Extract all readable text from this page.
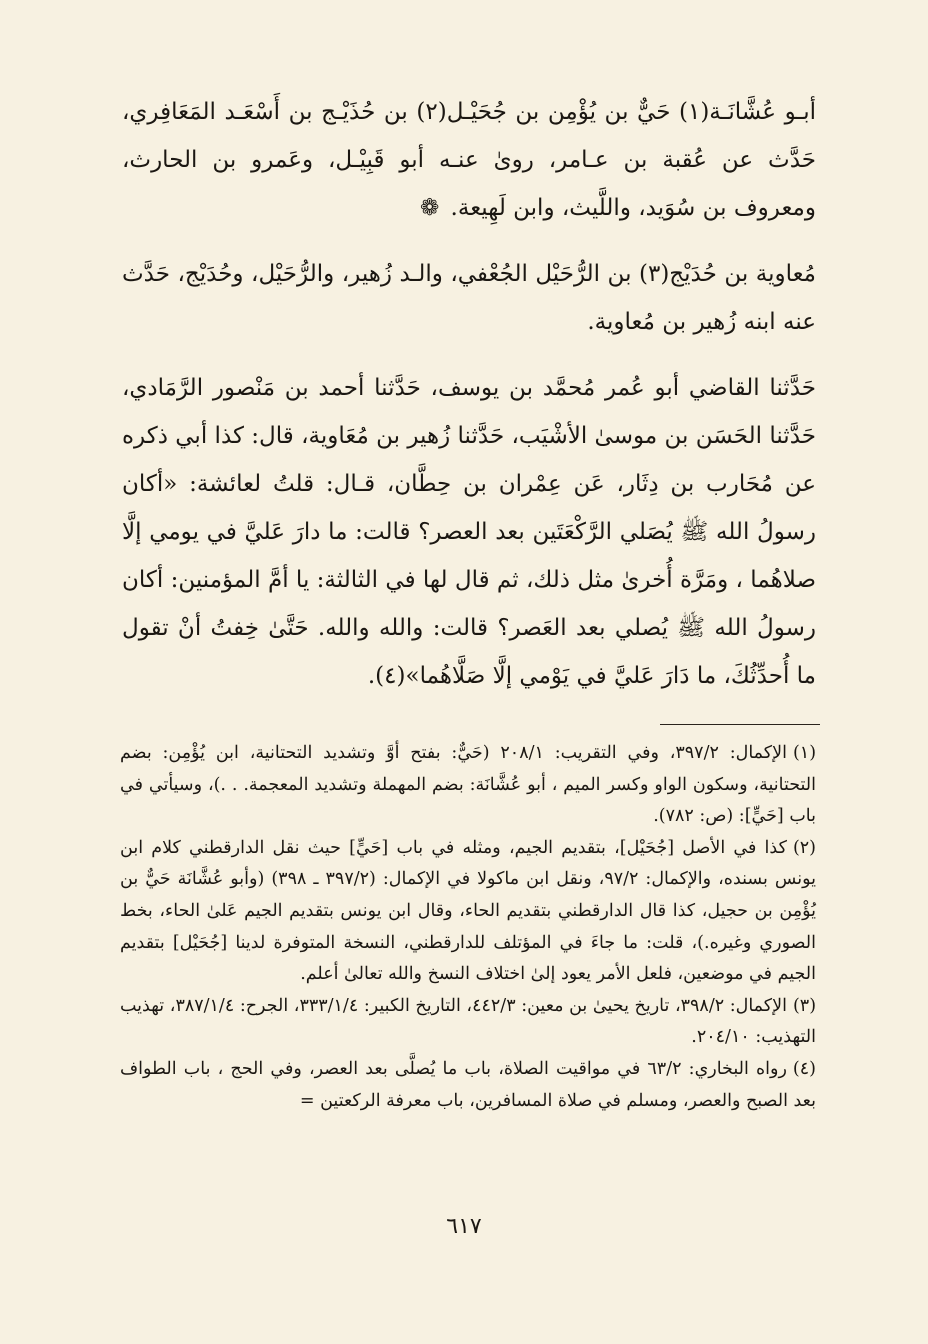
أبـو عُشَّانَـة(١) حَيٌّ بن يُؤْمِن بن جُحَيْـل(٢) بن حُذَيْـج بن أَسْعَـد المَعَافِري، حَدَّث عن عُقبة بن عـامر، روىٰ عنـه أبو قَبِيْـل، وعَمرو بن الحارث، ومعروف بن سُوَيد، واللَّيث، وابن لَهِيعة. ❁

مُعاوية بن حُدَيْج(٣) بن الرُّحَيْل الجُعْفي، والـد زُهير، والرُّحَيْل، وحُدَيْج، حَدَّث عنه ابنه زُهير بن مُعاوية.

حَدَّثنا القاضي أبو عُمر مُحمَّد بن يوسف، حَدَّثنا أحمد بن مَنْصور الرَّمَادي، حَدَّثنا الحَسَن بن موسىٰ الأشْيَب، حَدَّثنا زُهير بن مُعَاوية، قال: كذا أبي ذكره عن مُحَارب بن دِثَار، عَن عِمْران بن حِطَّان، قـال: قلتُ لعائشة: «أكان رسولُ الله ﷺ يُصَلي الرَّكْعَتَين بعد العصر؟ قالت: ما دارَ عَليَّ في يومي إلَّا صلاهُما ، ومَرَّة أُخرىٰ مثل ذلك، ثم قال لها في الثالثة: يا أمَّ المؤمنين: أكان رسولُ الله ﷺ يُصلي بعد العَصر؟ قالت: والله والله. حَتَّىٰ خِفتُ أنْ تقول ما أُحدِّثُكَ، ما دَارَ عَليَّ في يَوْمي إلَّا صَلَّاهُما»(٤).

(١)الإكمال: ٣٩٧/٢، وفي التقريب: ٢٠٨/١ (حَيٌّ: بفتح أوَّ وتشديد التحتانية، ابن يُؤْمِن: بضم التحتانية، وسكون الواو وكسر الميم ، أبو عُشَّانَة: بضم المهملة وتشديد المعجمة. . .)، وسيأتي في باب [حَيٍّ]: (ص: ٧٨٢).

(٢)كذا في الأصل [جُحَيْل]، بتقديم الجيم، ومثله في باب [حَيٍّ] حيث نقل الدارقطني كلام ابن يونس بسنده، والإكمال: ٩٧/٢، ونقل ابن ماكولا في الإكمال: (٣٩٧/٢ ـ ٣٩٨) (وأبو عُشَّانَة حَيٌّ بن يُؤْمِن بن حجيل، كذا قال الدارقطني بتقديم الحاء، وقال ابن يونس بتقديم الجيم عَلىٰ الحاء، بخط الصوري وغيره.)، قلت: ما جاءَ في المؤتلف للدارقطني، النسخة المتوفرة لدينا [جُحَيْل] بتقديم الجيم في موضعين، فلعل الأمر يعود إلىٰ اختلاف النسخ والله تعالىٰ أعلم.

(٣)الإكمال: ٣٩٨/٢، تاريخ يحيىٰ بن معين: ٤٤٢/٣، التاريخ الكبير: ٣٣٣/١/٤، الجرح: ٣٨٧/١/٤، تهذيب التهذيب: ٢٠٤/١٠.

(٤)رواه البخاري: ٦٣/٢ في مواقيت الصلاة، باب ما يُصلَّى بعد العصر، وفي الحج ، باب الطواف بعد الصبح والعصر، ومسلم في صلاة المسافرين، باب معرفة الركعتين =

٦١٧
